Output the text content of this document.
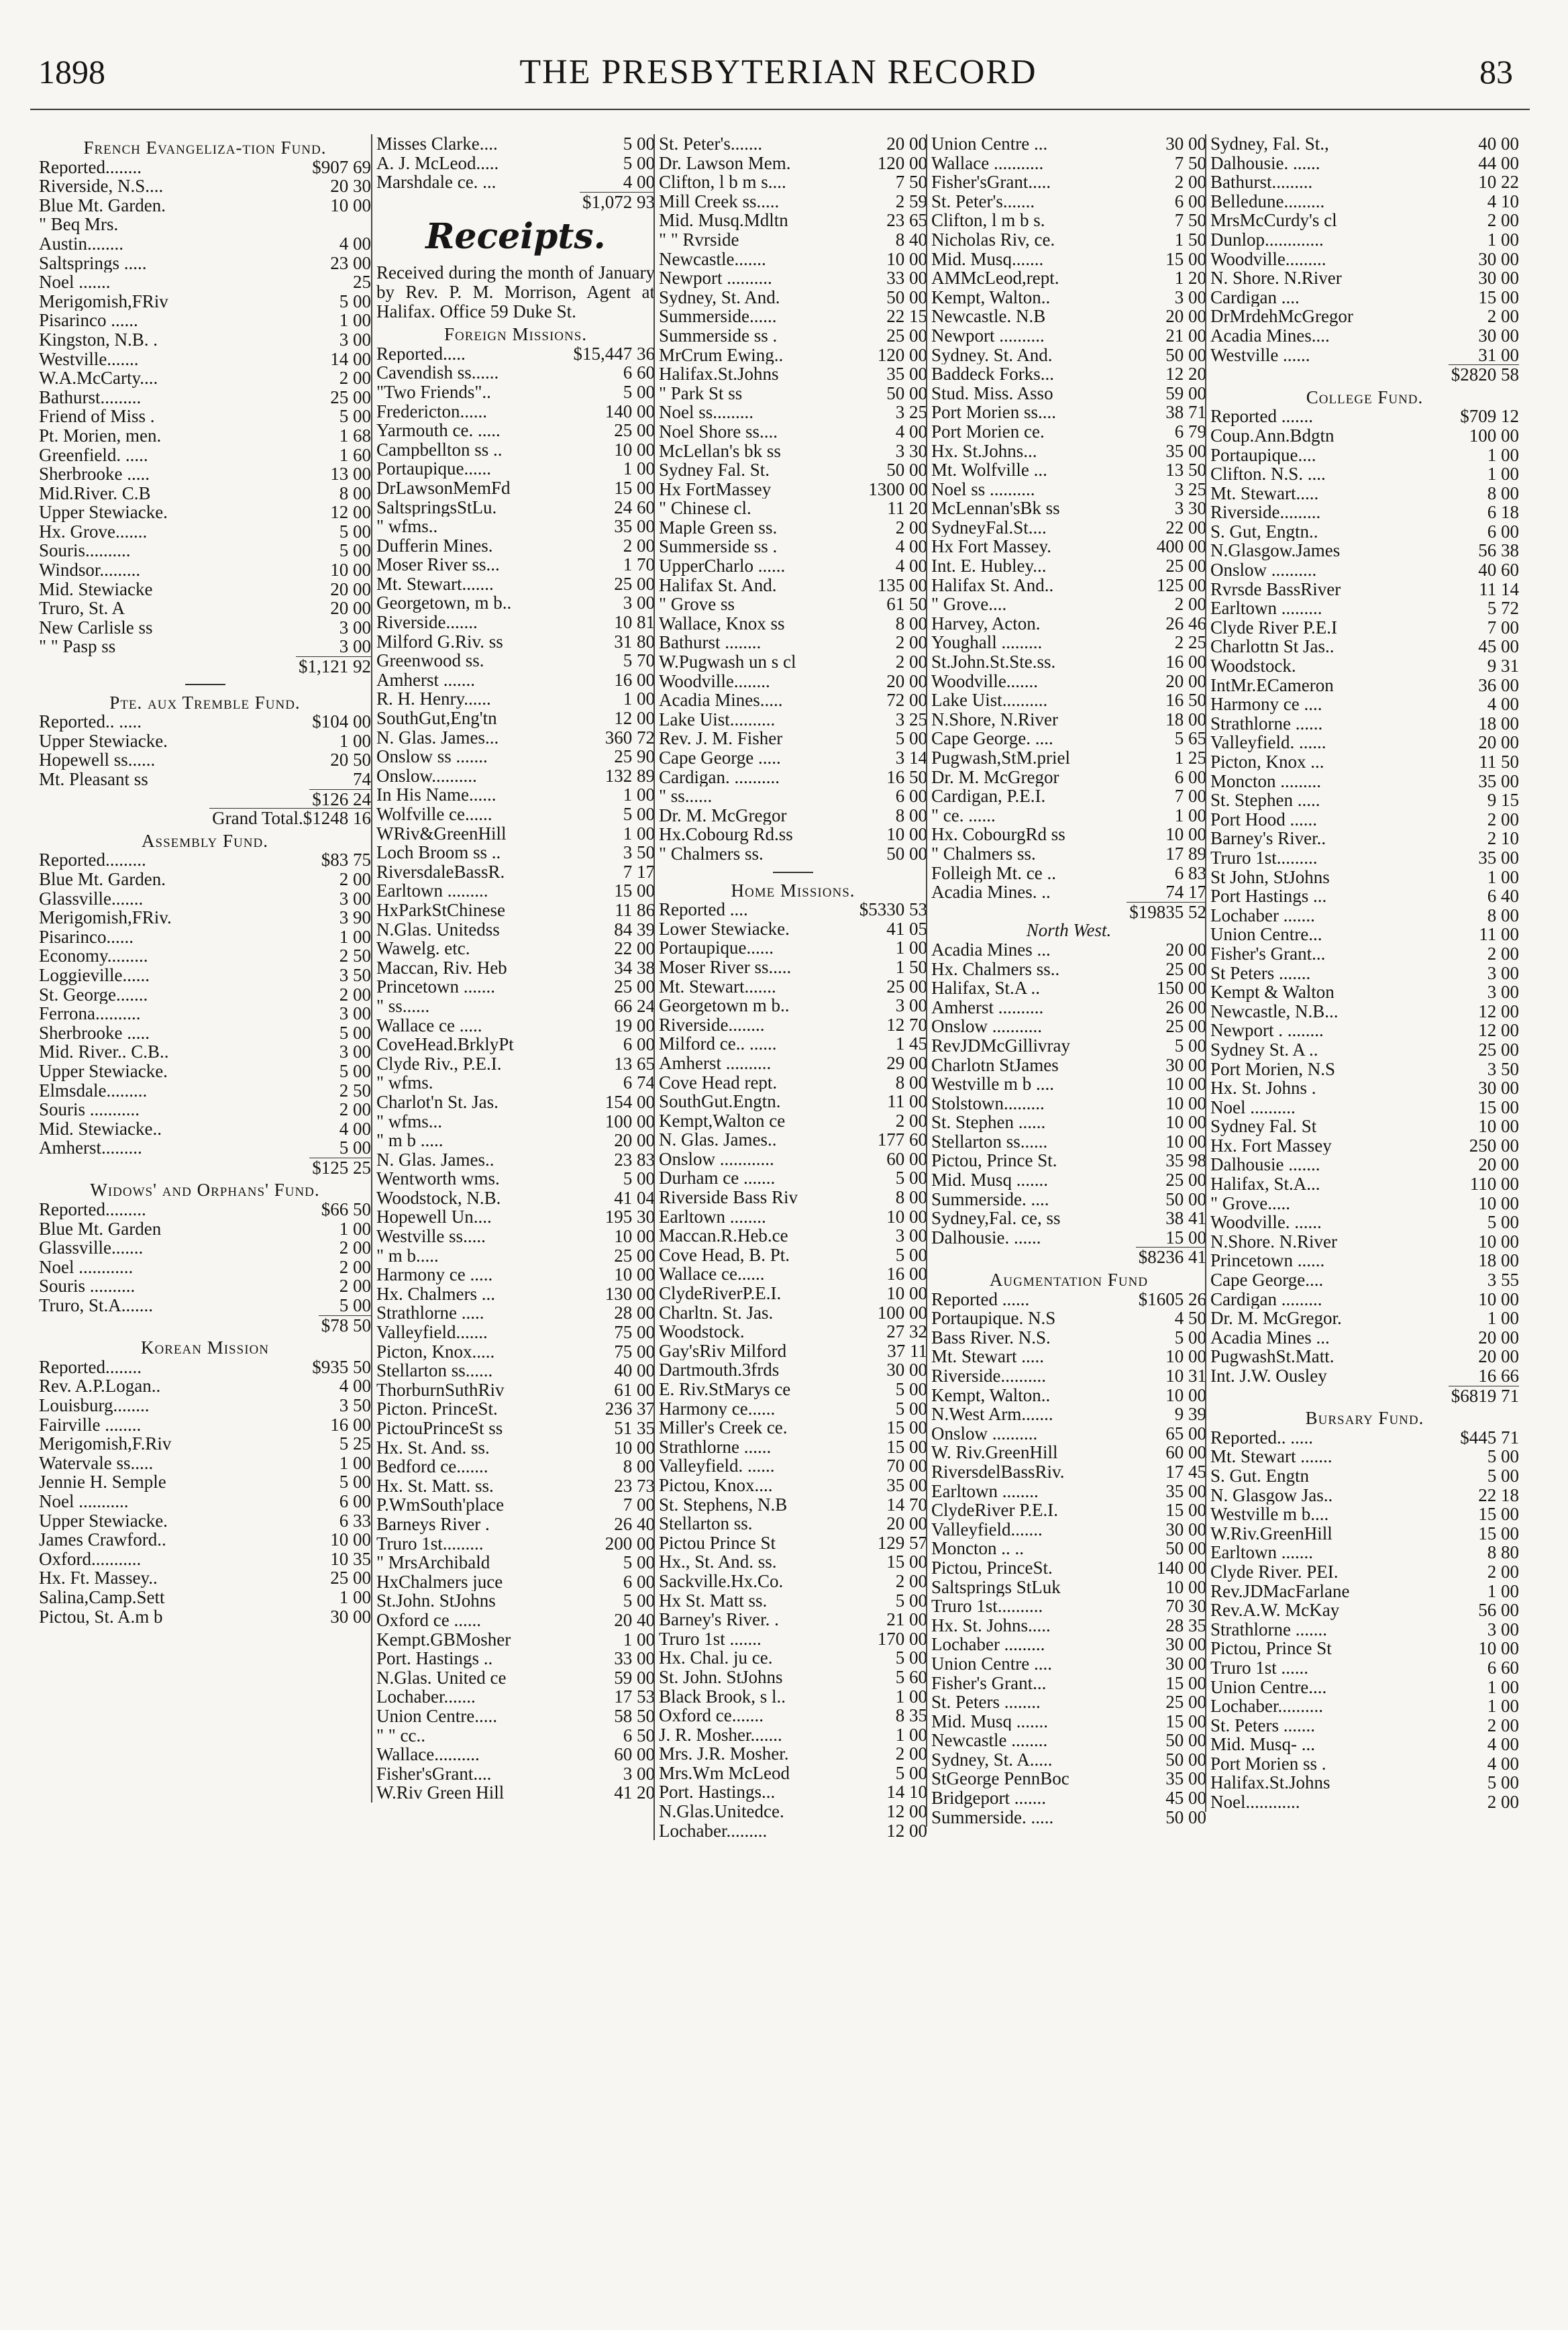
1898	THE PRESBYTERIAN RECORD	83
French Evangeliza-tion Fund.
Reported........	$907 69
Riverside, N.S....	20 30
Blue Mt. Garden.	10 00
" Beq Mrs.
Austin........	4 00
Saltsprings .....	23 00
Noel .......	25
Merigomish,FRiv	5 00
Pisarinco ......	1 00
Kingston, N.B. .	3 00
Westville.......	14 00
W.A.McCarty....	2 00
Bathurst.........	25 00
Friend of Miss .	5 00
Pt. Morien, men.	1 68
Greenfield. .....	1 60
Sherbrooke .....	13 00
Mid.River. C.B	8 00
Upper Stewiacke.	12 00
Hx. Grove.......	5 00
Souris..........	5 00
Windsor.........	10 00
Mid. Stewiacke	20 00
Truro, St. A	20 00
New Carlisle ss	3 00
" " Pasp ss	3 00
$1,121 92
Pte. aux Tremble Fund.
Reported.. .....	$104 00
Upper Stewiacke.	1 00
Hopewell ss......	20 50
Mt. Pleasant ss	74
$126 24
Grand Total.$1248 16
Assembly Fund.
Reported.........	$83 75
Blue Mt. Garden.	2 00
Glassville.......	3 00
Merigomish,FRiv.	3 90
Pisarinco......	1 00
Economy.........	2 50
Loggieville......	3 50
St. George.......	2 00
Ferrona..........	3 00
Sherbrooke .....	5 00
Mid. River.. C.B..	3 00
Upper Stewiacke.	5 00
Elmsdale.........	2 50
Souris ...........	2 00
Mid. Stewiacke..	4 00
Amherst.........	5 00
$125 25
Widows' and Orphans' Fund.
Reported.........	$66 50
Blue Mt. Garden	1 00
Glassville.......	2 00
Noel ............	2 00
Souris ..........	2 00
Truro, St.A.......	5 00
$78 50
Korean Mission
Reported........	$935 50
Rev. A.P.Logan..	4 00
Louisburg........	3 50
Fairville ........	16 00
Merigomish,F.Riv	5 25
Watervale ss.....	1 00
Jennie H. Semple	5 00
Noel ...........	6 00
Upper Stewiacke.	6 33
James Crawford..	10 00
Oxford...........	10 35
Hx. Ft. Massey..	25 00
Salina,Camp.Sett	1 00
Pictou, St. A.m b	30 00
Misses Clarke....	5 00
A. J. McLeod.....	5 00
Marshdale ce. ...	4 00
$1,072 93
Receipts.
Received during the month of January by Rev. P. M. Morrison, Agent at Halifax. Office 59 Duke St.
Foreign Missions.
Reported.....	$15,447 36
Cavendish ss......	6 60
"Two Friends"..	5 00
Fredericton......	140 00
Yarmouth ce. .....	25 00
Campbellton ss ..	10 00
Portaupique......	1 00
DrLawsonMemFd	15 00
SaltspringsStLu.	24 60
" wfms..	35 00
Dufferin Mines.	2 00
Moser River ss...	1 70
Mt. Stewart.......	25 00
Georgetown, m b..	3 00
Riverside.......	10 81
Milford G.Riv. ss	31 80
Greenwood ss.	5 70
Amherst .......	16 00
R. H. Henry......	1 00
SouthGut,Eng'tn	12 00
N. Glas. James...	360 72
Onslow ss .......	25 90
Onslow..........	132 89
In His Name......	1 00
Wolfville ce......	5 00
WRiv&GreenHill	1 00
Loch Broom ss ..	3 50
RiversdaleBassR.	7 17
Earltown .........	15 00
HxParkStChinese	11 86
N.Glas. Unitedss	84 39
Wawelg. etc.	22 00
Maccan, Riv. Heb	34 38
Princetown .......	25 00
" ss......	66 24
Wallace ce .....	19 00
CoveHead.BrklyPt	6 00
Clyde Riv., P.E.I.	13 65
" wfms.	6 74
Charlot'n St. Jas.	154 00
" wfms...	100 00
" m b .....	20 00
N. Glas. James..	23 83
Wentworth wms.	5 00
Woodstock, N.B.	41 04
Hopewell Un....	195 30
Westville ss.....	10 00
" m b.....	25 00
Harmony ce .....	10 00
Hx. Chalmers ...	130 00
Strathlorne .....	28 00
Valleyfield.......	75 00
Picton, Knox.....	75 00
Stellarton ss......	40 00
ThorburnSuthRiv	61 00
Picton. PrinceSt.	236 37
PictouPrinceSt ss	51 35
Hx. St. And. ss.	10 00
Bedford ce.......	8 00
Hx. St. Matt. ss.	23 73
P.WmSouth'place	7 00
Barneys River .	26 40
Truro 1st.........	200 00
" MrsArchibald	5 00
HxChalmers juce	6 00
St.John. StJohns	5 00
Oxford ce ......	20 40
Kempt.GBMosher	1 00
Port. Hastings ..	33 00
N.Glas. United ce	59 00
Lochaber.......	17 53
Union Centre.....	58 50
" " cc..	6 50
Wallace..........	60 00
Fisher'sGrant....	3 00
W.Riv Green Hill	41 20
St. Peter's.......	20 00
Dr. Lawson Mem.	120 00
Clifton, l b m s....	7 50
Mill Creek ss.....	2 59
Mid. Musq.Mdltn	23 65
" " Rvrside	8 40
Newcastle.......	10 00
Newport ..........	33 00
Sydney, St. And.	50 00
Summerside......	22 15
Summerside ss .	25 00
MrCrum Ewing..	120 00
Halifax.St.Johns	35 00
" Park St ss	50 00
Noel ss.........	3 25
Noel Shore ss....	4 00
McLellan's bk ss	3 30
Sydney Fal. St.	50 00
Hx FortMassey	1300 00
" Chinese cl.	11 20
Maple Green ss.	2 00
Summerside ss .	4 00
UpperCharlo ......	4 00
Halifax St. And.	135 00
" Grove ss	61 50
Wallace, Knox ss	8 00
Bathurst ........	2 00
W.Pugwash un s cl	2 00
Woodville........	20 00
Acadia Mines.....	72 00
Lake Uist..........	3 25
Rev. J. M. Fisher	5 00
Cape George .....	3 14
Cardigan. ..........	16 50
" ss......	6 00
Dr. M. McGregor	8 00
Hx.Cobourg Rd.ss	10 00
" Chalmers ss.	50 00
Home Missions.
Reported ....	$5330 53
Lower Stewiacke.	41 05
Portaupique......	1 00
Moser River ss.....	1 50
Mt. Stewart.......	25 00
Georgetown m b..	3 00
Riverside........	12 70
Milford ce.. ......	1 45
Amherst ..........	29 00
Cove Head rept.	8 00
SouthGut.Engtn.	11 00
Kempt,Walton ce	2 00
N. Glas. James..	177 60
Onslow ............	60 00
Durham ce .......	5 00
Riverside Bass Riv	8 00
Earltown ........	10 00
Maccan.R.Heb.ce	3 00
Cove Head, B. Pt.	5 00
Wallace ce......	16 00
ClydeRiverP.E.I.	10 00
Charltn. St. Jas.	100 00
Woodstock.	27 32
Gay'sRiv Milford	37 11
Dartmouth.3frds	30 00
E. Riv.StMarys ce	5 00
Harmony ce......	5 00
Miller's Creek ce.	15 00
Strathlorne ......	15 00
Valleyfield. ......	70 00
Pictou, Knox....	35 00
St. Stephens, N.B	14 70
Stellarton ss.	20 00
Pictou Prince St	129 57
Hx., St. And. ss.	15 00
Sackville.Hx.Co.	2 00
Hx St. Matt ss.	5 00
Barney's River. .	21 00
Truro 1st .......	170 00
Hx. Chal. ju ce.	5 00
St. John. StJohns	5 60
Black Brook, s l..	1 00
Oxford ce.......	8 35
J. R. Mosher.......	1 00
Mrs. J.R. Mosher.	2 00
Mrs.Wm McLeod	5 00
Port. Hastings...	14 10
N.Glas.Unitedce.	12 00
Lochaber.........	12 00
Union Centre ...	30 00
Wallace ...........	7 50
Fisher'sGrant.....	2 00
St. Peter's.......	6 00
Clifton, l m b s.	7 50
Nicholas Riv, ce.	1 50
Mid. Musq.......	15 00
AMMcLeod,rept.	1 20
Kempt, Walton..	3 00
Newcastle. N.B	20 00
Newport ..........	21 00
Sydney. St. And.	50 00
Baddeck Forks...	12 20
Stud. Miss. Asso	59 00
Port Morien ss....	38 71
Port Morien ce.	6 79
Hx. St.Johns...	35 00
Mt. Wolfville ...	13 50
Noel ss ..........	3 25
McLennan'sBk ss	3 30
SydneyFal.St....	22 00
Hx Fort Massey.	400 00
Int. E. Hubley...	25 00
Halifax St. And..	125 00
" Grove....	2 00
Harvey, Acton.	26 46
Youghall .........	2 25
St.John.St.Ste.ss.	16 00
Woodville.......	20 00
Lake Uist..........	16 50
N.Shore, N.River	18 00
Cape George. ....	5 65
Pugwash,StM.priel	1 25
Dr. M. McGregor	6 00
Cardigan, P.E.I.	7 00
" ce. ......	1 00
Hx. CobourgRd ss	10 00
" Chalmers ss.	17 89
Folleigh Mt. ce ..	6 83
Acadia Mines. ..	74 17
$19835 52
North West.
Acadia Mines ...	20 00
Hx. Chalmers ss..	25 00
Halifax, St.A ..	150 00
Amherst ..........	26 00
Onslow ...........	25 00
RevJDMcGillivray	5 00
Charlotn StJames	30 00
Westville m b ....	10 00
Stolstown.........	10 00
St. Stephen ......	10 00
Stellarton ss......	10 00
Pictou, Prince St.	35 98
Mid. Musq .......	25 00
Summerside. ....	50 00
Sydney,Fal. ce, ss	38 41
Dalhousie. ......	15 00
$8236 41
Augmentation Fund
Reported ......	$1605 26
Portaupique. N.S	4 50
Bass River. N.S.	5 00
Mt. Stewart .....	10 00
Riverside..........	10 31
Kempt, Walton..	10 00
N.West Arm.......	9 39
Onslow ..........	65 00
W. Riv.GreenHill	60 00
RiversdelBassRiv.	17 45
Earltown ........	35 00
ClydeRiver P.E.I.	15 00
Valleyfield.......	30 00
Moncton .. ..	50 00
Pictou, PrinceSt.	140 00
Saltsprings StLuk	10 00
Truro 1st..........	70 30
Hx. St. Johns.....	28 35
Lochaber .........	30 00
Union Centre ....	30 00
Fisher's Grant...	15 00
St. Peters ........	25 00
Mid. Musq .......	15 00
Newcastle ........	50 00
Sydney, St. A.....	50 00
StGeorge PennBoc	35 00
Bridgeport .......	45 00
Summerside. .....	50 00
Sydney, Fal. St.,	40 00
Dalhousie. ......	44 00
Bathurst.........	10 22
Belledune.........	4 10
MrsMcCurdy's cl	2 00
Dunlop.............	1 00
Woodville.........	30 00
N. Shore. N.River	30 00
Cardigan ....	15 00
DrMrdehMcGregor	2 00
Acadia Mines....	30 00
Westville ......	31 00
$2820 58
College Fund.
Reported .......	$709 12
Coup.Ann.Bdgtn	100 00
Portaupique....	1 00
Clifton. N.S. ....	1 00
Mt. Stewart.....	8 00
Riverside.........	6 18
S. Gut, Engtn..	6 00
N.Glasgow.James	56 38
Onslow ..........	40 60
Rvrsde BassRiver	11 14
Earltown .........	5 72
Clyde River P.E.I	7 00
Charlottn St Jas..	45 00
Woodstock.	9 31
IntMr.ECameron	36 00
Harmony ce ....	4 00
Strathlorne ......	18 00
Valleyfield. ......	20 00
Picton, Knox ...	11 50
Moncton .........	35 00
St. Stephen .....	9 15
Port Hood ......	2 00
Barney's River..	2 10
Truro 1st.........	35 00
St John, StJohns	1 00
Port Hastings ...	6 40
Lochaber .......	8 00
Union Centre...	11 00
Fisher's Grant...	2 00
St Peters .......	3 00
Kempt & Walton	3 00
Newcastle, N.B...	12 00
Newport . ........	12 00
Sydney St. A ..	25 00
Port Morien, N.S	3 50
Hx. St. Johns .	30 00
Noel ..........	15 00
Sydney Fal. St	10 00
Hx. Fort Massey	250 00
Dalhousie .......	20 00
Halifax, St.A...	110 00
" Grove.....	10 00
Woodville. ......	5 00
N.Shore. N.River	10 00
Princetown ......	18 00
Cape George....	3 55
Cardigan .........	10 00
Dr. M. McGregor.	1 00
Acadia Mines ...	20 00
PugwashSt.Matt.	20 00
Int. J.W. Ousley	16 66
$6819 71
Bursary Fund.
Reported.. .....	$445 71
Mt. Stewart .......	5 00
S. Gut. Engtn	5 00
N. Glasgow Jas..	22 18
Westville m b....	15 00
W.Riv.GreenHill	15 00
Earltown .......	8 80
Clyde River. PEI.	2 00
Rev.JDMacFarlane	1 00
Rev.A.W. McKay	56 00
Strathlorne .......	3 00
Pictou, Prince St	10 00
Truro 1st ......	6 60
Union Centre....	1 00
Lochaber..........	1 00
St. Peters .......	2 00
Mid. Musq- ...	4 00
Port Morien ss .	4 00
Halifax.St.Johns	5 00
Noel............	2 00
